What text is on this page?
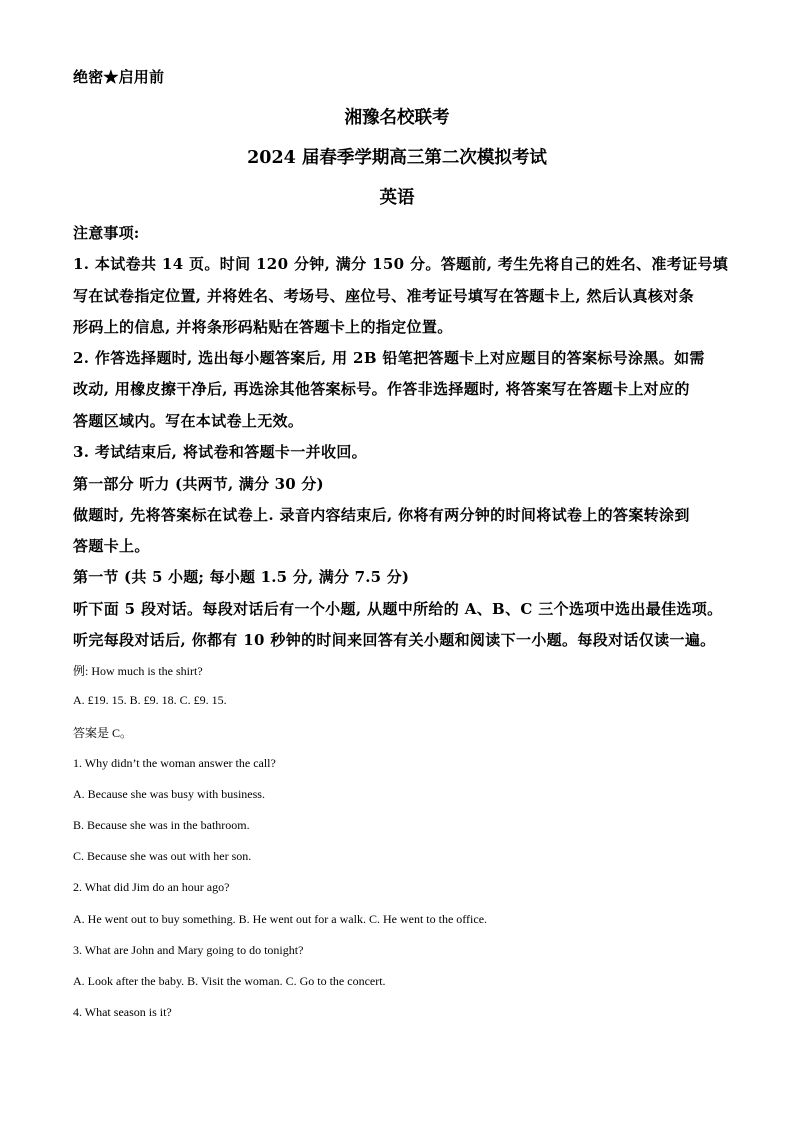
绝密★启用前
湘豫名校联考
2024 届春季学期高三第二次模拟考试
英语
注意事项:
1. 本试卷共 14 页。时间 120 分钟, 满分 150 分。答题前, 考生先将自己的姓名、准考证号填
写在试卷指定位置, 并将姓名、考场号、座位号、准考证号填写在答题卡上, 然后认真核对条
形码上的信息, 并将条形码粘贴在答题卡上的指定位置。
2. 作答选择题时, 选出每小题答案后, 用 2B 铅笔把答题卡上对应题目的答案标号涂黑。如需
改动, 用橡皮擦干净后, 再选涂其他答案标号。作答非选择题时, 将答案写在答题卡上对应的
答题区域内。写在本试卷上无效。
3. 考试结束后, 将试卷和答题卡一并收回。
第一部分 听力 (共两节, 满分 30 分)
做题时, 先将答案标在试卷上. 录音内容结束后, 你将有两分钟的时间将试卷上的答案转涂到
答题卡上。
第一节 (共 5 小题; 每小题 1.5 分, 满分 7.5 分)
听下面 5 段对话。每段对话后有一个小题, 从题中所给的 A、B、C 三个选项中选出最佳选项。
听完每段对话后, 你都有 10 秒钟的时间来回答有关小题和阅读下一小题。每段对话仅读一遍。
例: How much is the shirt?
A. £19. 15. B. £9. 18. C. £9. 15.
答案是 C。
1. Why didn’t the woman answer the call?
A. Because she was busy with business.
B. Because she was in the bathroom.
C. Because she was out with her son.
2. What did Jim do an hour ago?
A. He went out to buy something. B. He went out for a walk. C. He went to the office.
3. What are John and Mary going to do tonight?
A. Look after the baby. B. Visit the woman. C. Go to the concert.
4. What season is it?
